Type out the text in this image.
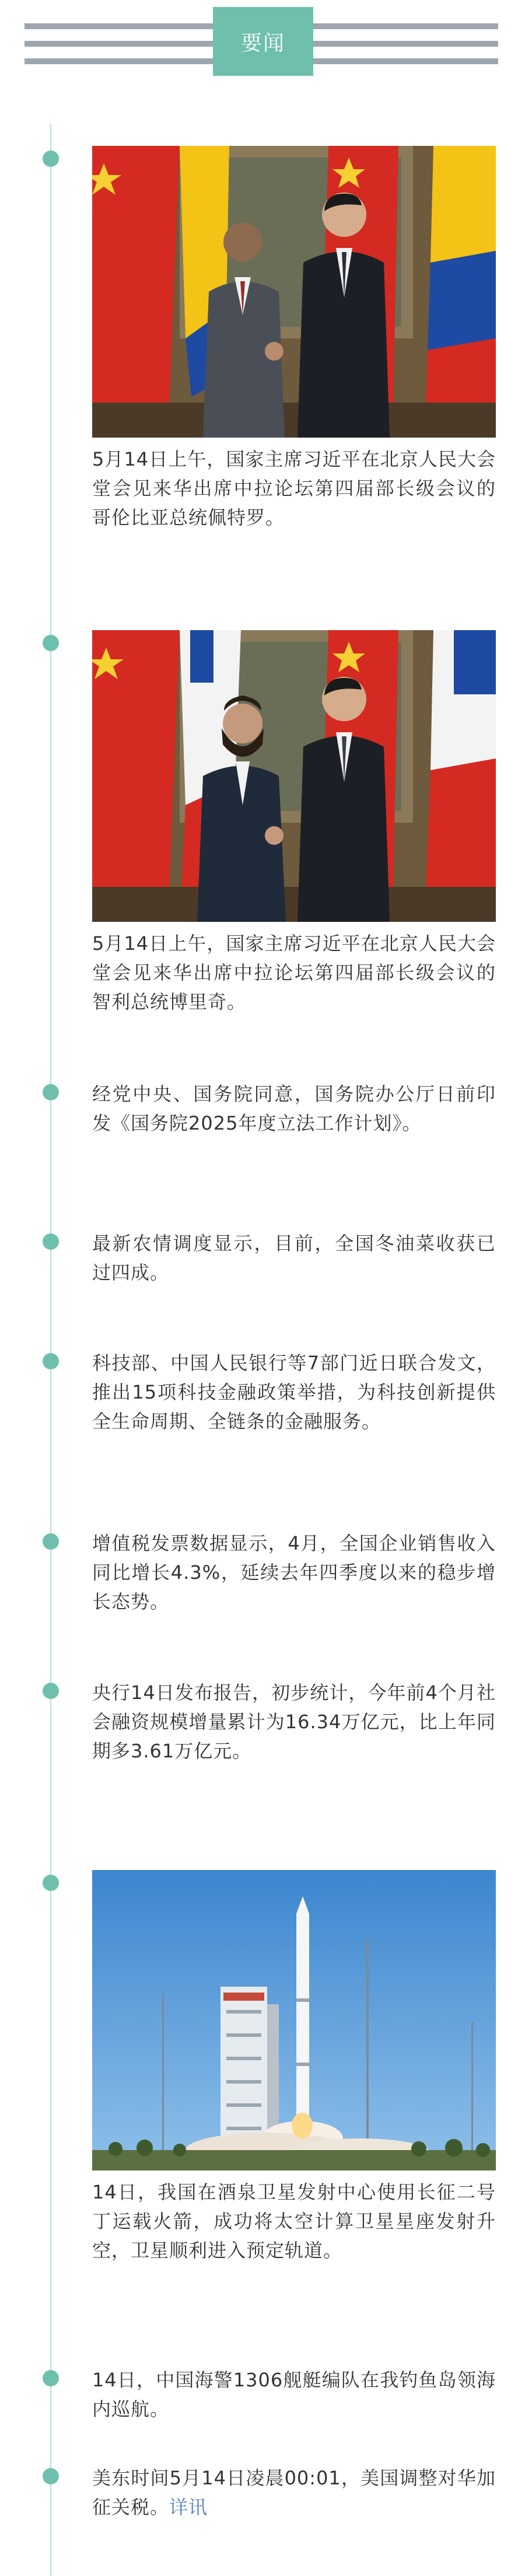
要闻

5月14日上午，国家主席习近平在北京人民大会堂会见来华出席中拉论坛第四届部长级会议的哥伦比亚总统佩特罗。

5月14日上午，国家主席习近平在北京人民大会堂会见来华出席中拉论坛第四届部长级会议的智利总统博里奇。

经党中央、国务院同意，国务院办公厅日前印发《国务院2025年度立法工作计划》。

最新农情调度显示，目前，全国冬油菜收获已过四成。

科技部、中国人民银行等7部门近日联合发文，推出15项科技金融政策举措，为科技创新提供全生命周期、全链条的金融服务。

增值税发票数据显示，4月，全国企业销售收入同比增长4.3%，延续去年四季度以来的稳步增长态势。

央行14日发布报告，初步统计，今年前4个月社会融资规模增量累计为16.34万亿元，比上年同期多3.61万亿元。

14日，我国在酒泉卫星发射中心使用长征二号丁运载火箭，成功将太空计算卫星星座发射升空，卫星顺利进入预定轨道。

14日，中国海警1306舰艇编队在我钓鱼岛领海内巡航。

美东时间5月14日凌晨00:01，美国调整对华加征关税。详讯
